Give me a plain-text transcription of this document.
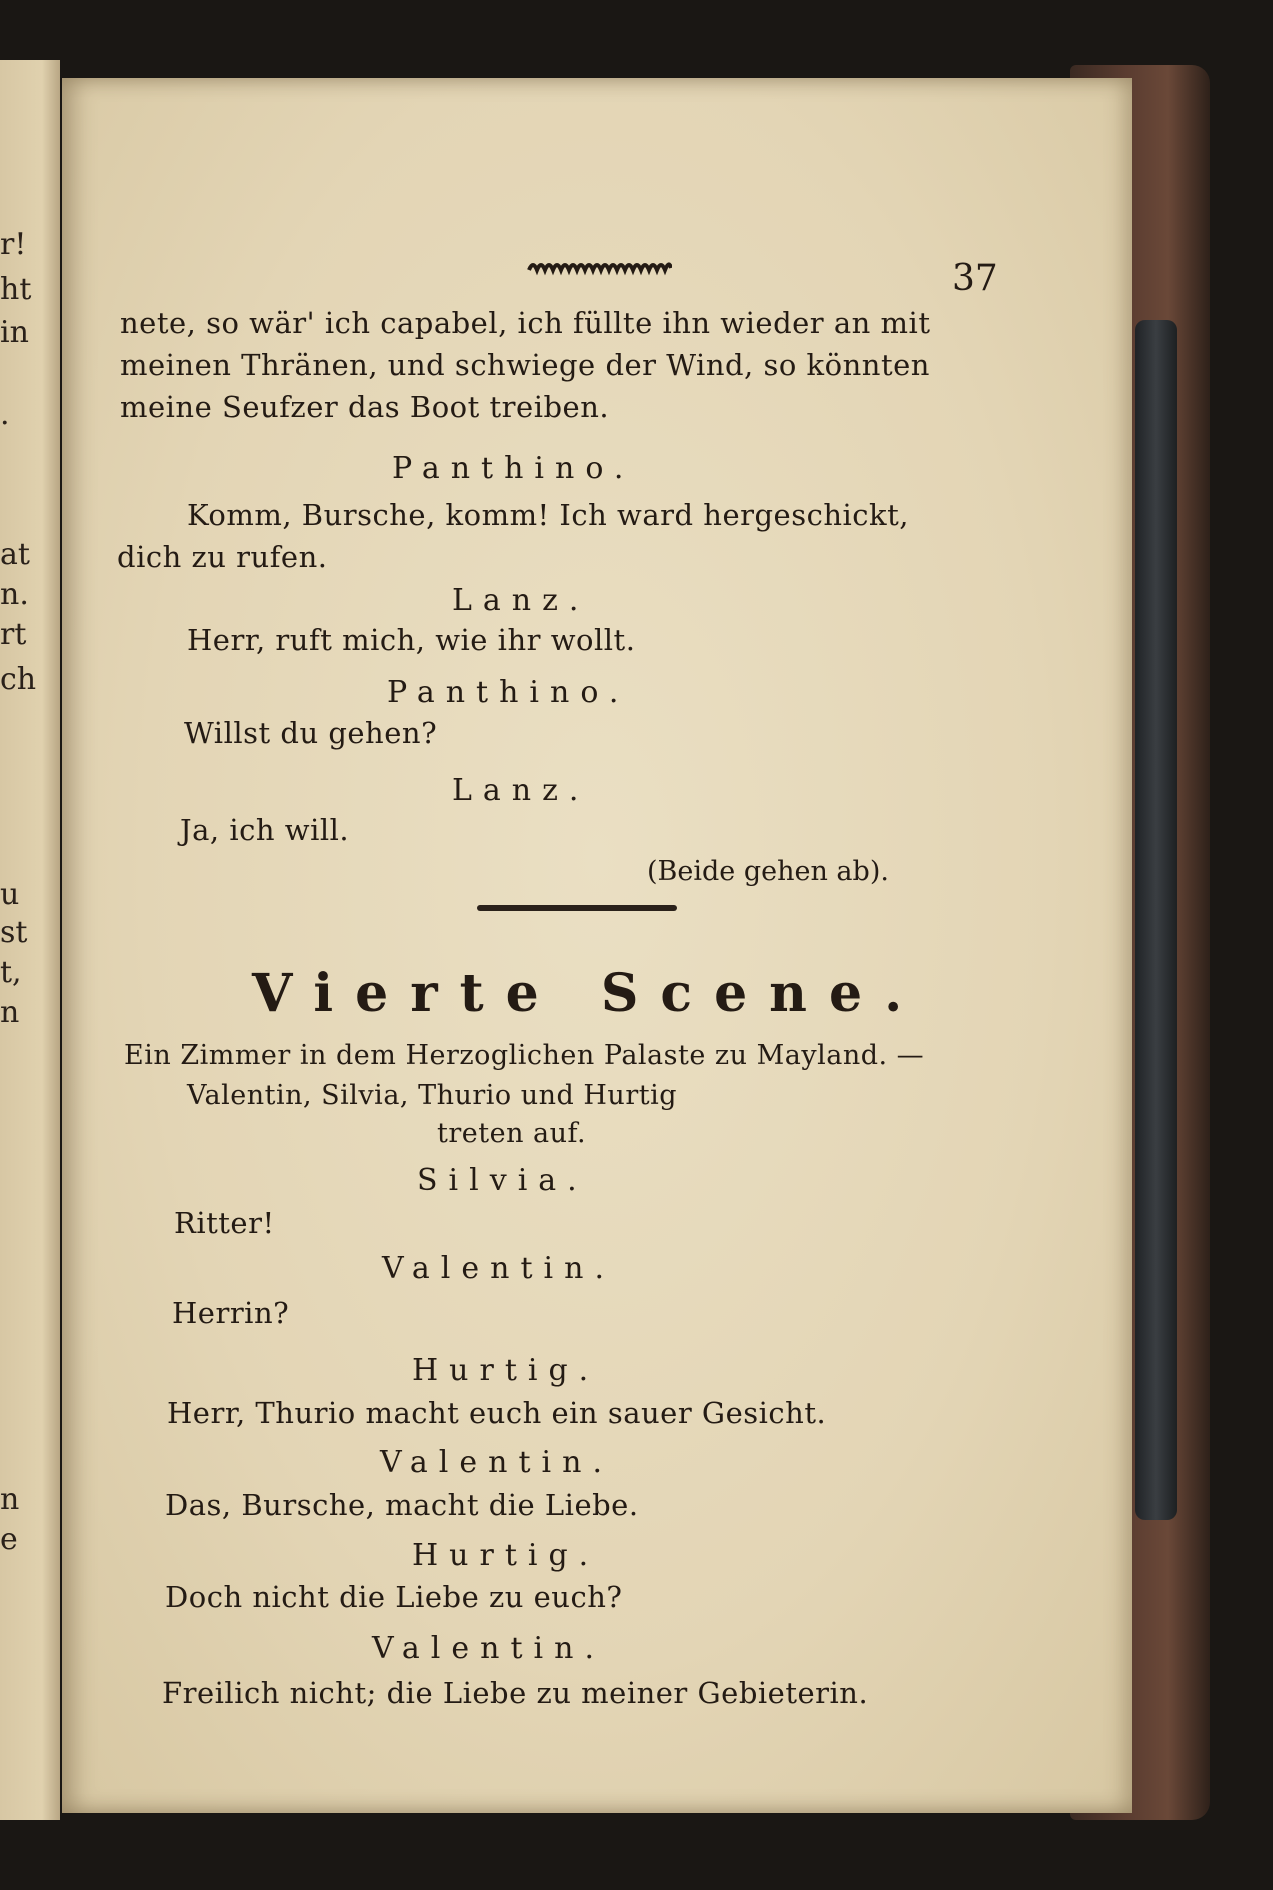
r!
ht
in
.
at
n.
rt
ch
u
st
t,
n
n
e
37
nete, so wär' ich capabel, ich füllte ihn wieder an mit
meinen Thränen, und schwiege der Wind, so könnten
meine Seufzer das Boot treiben.
Panthino.
Komm, Bursche, komm! Ich ward hergeschickt,
dich zu rufen.
Lanz.
Herr, ruft mich, wie ihr wollt.
Panthino.
Willst du gehen?
Lanz.
Ja, ich will.
(Beide gehen ab).
Vierte Scene.
Ein Zimmer in dem Herzoglichen Palaste zu Mayland. —
Valentin, Silvia, Thurio und Hurtig
treten auf.
Silvia.
Ritter!
Valentin.
Herrin?
Hurtig.
Herr, Thurio macht euch ein sauer Gesicht.
Valentin.
Das, Bursche, macht die Liebe.
Hurtig.
Doch nicht die Liebe zu euch?
Valentin.
Freilich nicht; die Liebe zu meiner Gebieterin.
